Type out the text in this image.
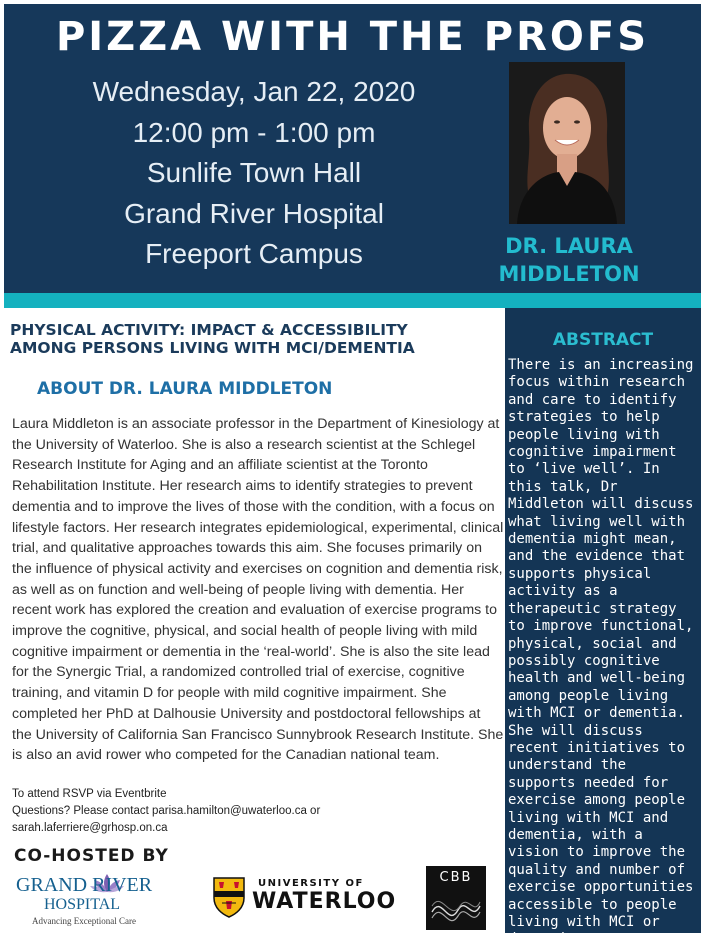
PIZZA WITH THE PROFS
Wednesday, Jan 22, 2020
12:00 pm - 1:00 pm
Sunlife Town Hall
Grand River Hospital
Freeport Campus	DR. LAURA
MIDDLETON
PHYSICAL ACTIVITY: IMPACT & ACCESSIBILITY
AMONG PERSONS LIVING WITH MCI/DEMENTIA
ABOUT DR. LAURA MIDDLETON
Laura Middleton is an associate professor in the Department of Kinesiology at the University of Waterloo. She is also a research scientist at the Schlegel Research Institute for Aging and an affiliate scientist at the Toronto Rehabilitation Institute. Her research aims to identify strategies to prevent dementia and to improve the lives of those with the condition, with a focus on lifestyle factors. Her research integrates epidemiological, experimental, clinical trial, and qualitative approaches towards this aim. She focuses primarily on the influence of physical activity and exercises on cognition and dementia risk, as well as on function and well-being of people living with dementia. Her recent work has explored the creation and evaluation of exercise programs to improve the cognitive, physical, and social health of people living with mild cognitive impairment or dementia in the ‘real-world’. She is also the site lead for the Synergic Trial, a randomized controlled trial of exercise, cognitive training, and vitamin D for people with mild cognitive impairment. She completed her PhD at Dalhousie University and postdoctoral fellowships at the University of California San Francisco Sunnybrook Research Institute. She is also an avid rower who competed for the Canadian national team.
To attend RSVP via Eventbrite
Questions? Please contact parisa.hamilton@uwaterloo.ca or
sarah.laferriere@grhosp.on.ca
CO-HOSTED BY
GRAND RIVER
HOSPITAL
Advancing Exceptional Care
UNIVERSITY OF
WATERLOO
CBB
ABSTRACT
There is an increasing focus within research and care to identify strategies to help people living with cognitive impairment to ‘live well’. In this talk, Dr Middleton will discuss what living well with dementia might mean, and the evidence that supports physical activity as a therapeutic strategy to improve functional, physical, social and possibly cognitive health and well-being among people living with MCI or dementia. She will discuss recent initiatives to understand the supports needed for exercise among people living with MCI and dementia, with a vision to improve the quality and number of exercise opportunities accessible to people living with MCI or dementia.
